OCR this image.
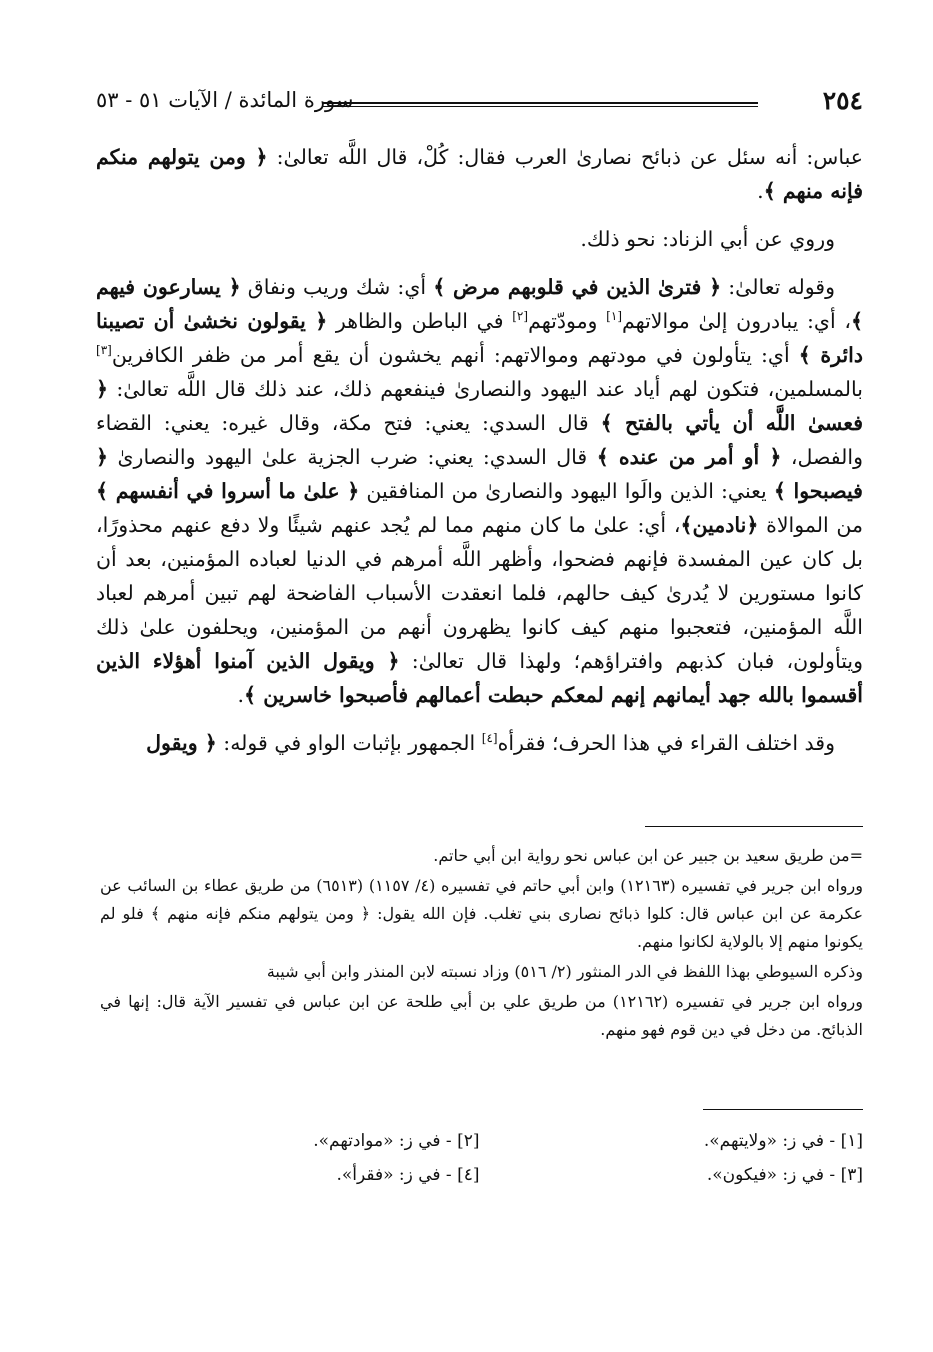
٢٥٤
سورة المائدة / الآيات ٥١ - ٥٣

عباس: أنه سئل عن ذبائح نصارىٰ العرب فقال: كُلْ، قال اللَّه تعالىٰ: ﴿ ومن يتولهم منكم فإنه منهم ﴾.

وروي عن أبي الزناد: نحو ذلك.

وقوله تعالىٰ: ﴿ فترىٰ الذين في قلوبهم مرض ﴾ أي: شك وريب ونفاق ﴿ يسارعون فيهم ﴾، أي: يبادرون إلىٰ موالاتهم[١] ومودّتهم[٢] في الباطن والظاهر ﴿ يقولون نخشىٰ أن تصيبنا دائرة ﴾ أي: يتأولون في مودتهم وموالاتهم: أنهم يخشون أن يقع أمر من ظفر الكافرين[٣] بالمسلمين، فتكون لهم أياد عند اليهود والنصارىٰ فينفعهم ذلك، عند ذلك قال اللَّه تعالىٰ: ﴿ فعسىٰ اللَّه أن يأتي بالفتح ﴾ قال السدي: يعني: فتح مكة، وقال غيره: يعني: القضاء والفصل، ﴿ أو أمر من عنده ﴾ قال السدي: يعني: ضرب الجزية علىٰ اليهود والنصارىٰ ﴿ فيصبحوا ﴾ يعني: الذين والَوا اليهود والنصارىٰ من المنافقين ﴿ علىٰ ما أسروا في أنفسهم ﴾ من الموالاة ﴿نادمين﴾، أي: علىٰ ما كان منهم مما لم يُجد عنهم شيئًا ولا دفع عنهم محذورًا، بل كان عين المفسدة فإنهم فضحوا، وأظهر اللَّه أمرهم في الدنيا لعباده المؤمنين، بعد أن كانوا مستورين لا يُدرىٰ كيف حالهم، فلما انعقدت الأسباب الفاضحة لهم تبين أمرهم لعباد اللَّه المؤمنين، فتعجبوا منهم كيف كانوا يظهرون أنهم من المؤمنين، ويحلفون علىٰ ذلك ويتأولون، فبان كذبهم وافتراؤهم؛ ولهذا قال تعالىٰ: ﴿ ويقول الذين آمنوا أهؤلاء الذين أقسموا بالله جهد أيمانهم إنهم لمعكم حبطت أعمالهم فأصبحوا خاسرين ﴾.

وقد اختلف القراء في هذا الحرف؛ فقرأه[٤] الجمهور بإثبات الواو في قوله: ﴿ ويقول

=من طريق سعيد بن جبير عن ابن عباس نحو رواية ابن أبي حاتم.

ورواه ابن جرير في تفسيره (١٢١٦٣) وابن أبي حاتم في تفسيره (٤/ ١١٥٧) (٦٥١٣) من طريق عطاء بن السائب عن عكرمة عن ابن عباس قال: كلوا ذبائح نصارى بني تغلب. فإن الله يقول: ﴿ ومن يتولهم منكم فإنه منهم ﴾ فلو لم يكونوا منهم إلا بالولاية لكانوا منهم.

وذكره السيوطي بهذا اللفظ في الدر المنثور (٢/ ٥١٦) وزاد نسبته لابن المنذر وابن أبي شيبة

ورواه ابن جرير في تفسيره (١٢١٦٢) من طريق علي بن أبي طلحة عن ابن عباس في تفسير الآية قال: إنها في الذبائح. من دخل في دين قوم فهو منهم.

[١] - في ز: «ولايتهم».
[٢] - في ز: «موادتهم».
[٣] - في ز: «فيكون».
[٤] - في ز: «فقرأ».
